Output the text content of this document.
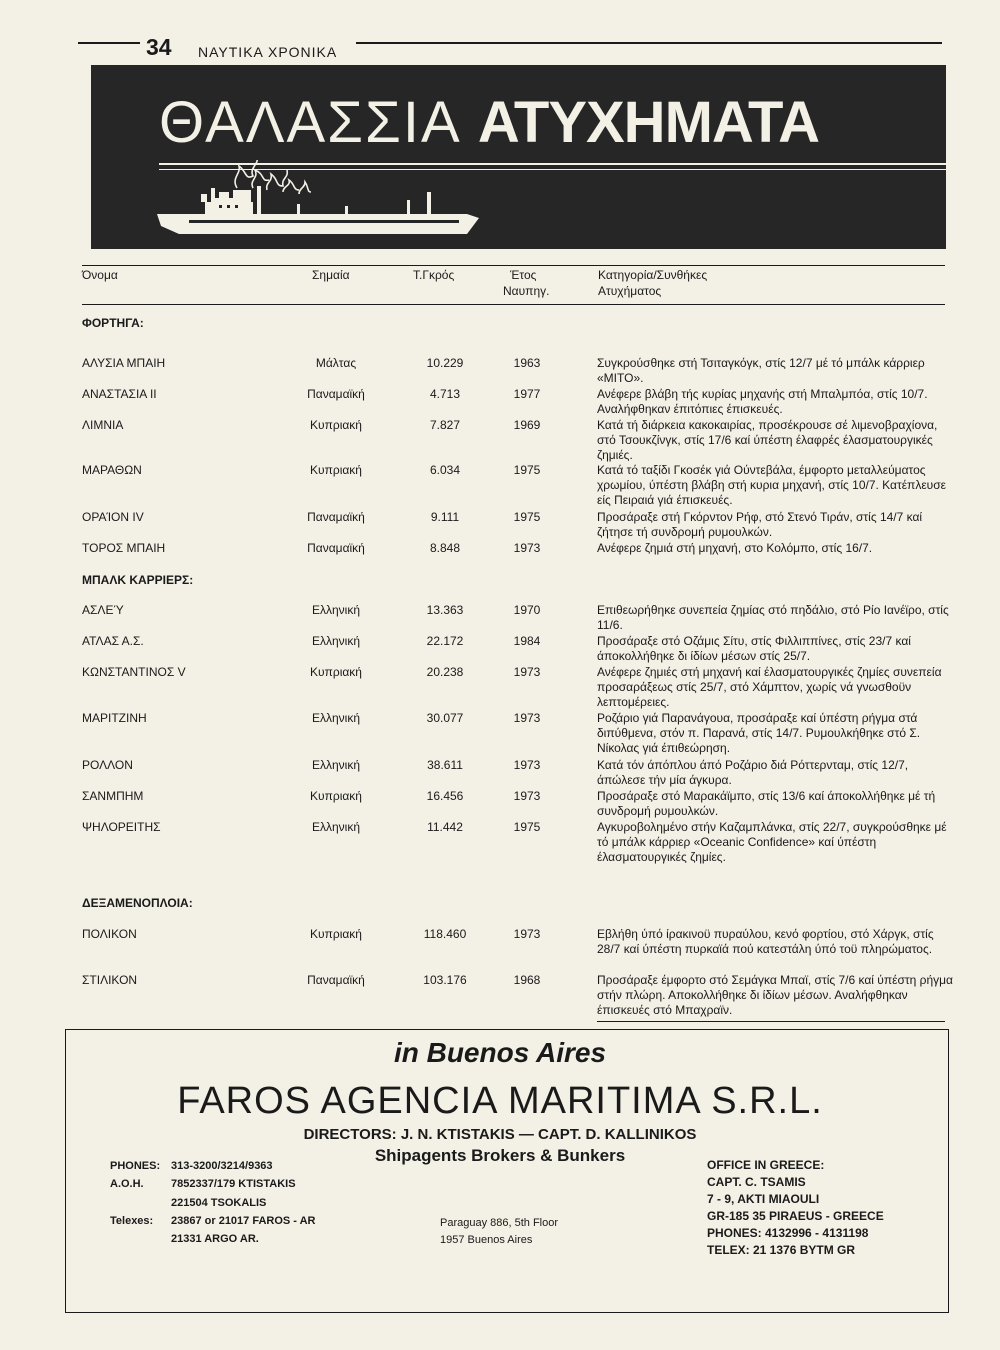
34 ΝΑΥΤΙΚΑ ΧΡΟΝΙΚΑ
ΘΑΛΑΣΣΙΑ ΑΤΥΧΗΜΑΤΑ
Όνομα	Σημαία	Τ.Γκρός	Έτος
Ναυπηγ.
Κατηγορία/Συνθήκες
Ατυχήματος
ΦΟΡΤΗΓΑ:
ΑΛΥΣΙΑ ΜΠΑΙΗ	Μάλτας	10.229	1963	Συγκρούσθηκε στή Τσιταγκόγκ, στίς 12/7 μέ τό μπάλκ κάρριερ «ΜΙΤΟ».
ΑΝΑΣΤΑΣΙΑ ΙΙ	Παναμαϊκή	4.713	1977	Ανέφερε βλάβη τής κυρίας μηχανής στή Μπαλμπόα, στίς 10/7. Αναλήφθηκαν έπιτόπιες έπισκευές.
ΛΙΜΝΙΑ	Κυπριακή	7.827	1969	Κατά τή διάρκεια κακοκαιρίας, προσέκρουσε σέ λιμενοβραχίονα, στό Τσουκζίνγκ, στίς 17/6 καί ύπέστη έλαφρές έλασματουργικές ζημιές.
ΜΑΡΑΘΩΝ	Κυπριακή	6.034	1975	Κατά τό ταξίδι Γκοσέκ γιά Ούντεβάλα, έμφορτο μεταλλεύματος χρωμίου, ύπέστη βλάβη στή κυρια μηχανή, στίς 10/7. Κατέπλευσε είς Πειραιά γιά έπισκευές.
ΟΡΑΊΟΝ IV	Παναμαϊκή	9.111	1975	Προσάραξε στή Γκόρντον Ρήφ, στό Στενό Τιράν, στίς 14/7 καί ζήτησε τή συνδρομή ρυμουλκών.
ΤΟΡΟΣ ΜΠΑΙΗ	Παναμαϊκή	8.848	1973	Ανέφερε ζημιά στή μηχανή, στο Κολόμπο, στίς 16/7.
ΜΠΑΛΚ ΚΑΡΡΙΕΡΣ:
ΑΣΛΕΎ	Ελληνική	13.363	1970	Επιθεωρήθηκε συνεπεία ζημίας στό πηδάλιο, στό Ρίο Ιανέϊρο, στίς 11/6.
ΑΤΛΑΣ Α.Σ.	Ελληνική	22.172	1984	Προσάραξε στό Οζάμις Σίτυ, στίς Φιλλιππίνες, στίς 23/7 καί άποκολλήθηκε δι ίδίων μέσων στίς 25/7.
ΚΩΝΣΤΑΝΤΙΝΟΣ V	Κυπριακή	20.238	1973	Ανέφερε ζημιές στή μηχανή καί έλασματουργικές ζημίες συνεπεία προσαράξεως στίς 25/7, στό Χάμπτον, χωρίς νά γνωσθοϋν λεπτομέρειες.
ΜΑΡΙΤΖΙΝΗ	Ελληνική	30.077	1973	Ροζάριο γιά Παρανάγουα, προσάραξε καί ύπέστη ρήγμα στά διπύθμενα, στόν π. Παρανά, στίς 14/7. Ρυμουλκήθηκε στό Σ. Νίκολας γιά έπιθεώρηση.
ΡΟΛΛΟΝ	Ελληνική	38.611	1973	Κατά τόν άπόπλου άπό Ροζάριο διά Ρόττερνταμ, στίς 12/7, άπώλεσε τήν μία άγκυρα.
ΣΑΝΜΠΗΜ	Κυπριακή	16.456	1973	Προσάραξε στό Μαρακάϊμπο, στίς 13/6 καί άποκολλήθηκε μέ τή συνδρομή ρυμουλκών.
ΨΗΛΟΡΕΙΤΗΣ	Ελληνική	11.442	1975	Αγκυροβολημένο στήν Καζαμπλάνκα, στίς 22/7, συγκρούσθηκε μέ τό μπάλκ κάρριερ «Oceanic Confidence» καί ύπέστη έλασματουργικές ζημίες.
ΔΕΞΑΜΕΝΟΠΛΟΙΑ:
ΠΟΛΙΚΟΝ	Κυπριακή	118.460	1973	Εβλήθη ύπό ίρακινοϋ πυραύλου, κενό φορτίου, στό Χάργκ, στίς 28/7 καί ύπέστη πυρκαϊά πού κατεστάλη ύπό τοϋ πληρώματος.
ΣΤΙΛΙΚΟΝ	Παναμαϊκή	103.176	1968	Προσάραξε έμφορτο στό Σεμάγκα Μπαϊ, στίς 7/6 καί ύπέστη ρήγμα στήν πλώρη. Αποκολλήθηκε δι ίδίων μέσων. Αναλήφθηκαν έπισκευές στό Μπαχραϊν.
in Buenos Aires
FAROS AGENCIA MARITIMA S.R.L.
DIRECTORS: J. N. KTISTAKIS — CAPT. D. KALLINIKOS
Shipagents Brokers & Bunkers
PHONES: 313-3200/3214/9363
A.O.H. 7852337/179 KTISTAKIS
221504 TSOKALIS
Telexes: 23867 or 21017 FAROS - AR
21331 ARGO AR.
Paraguay 886, 5th Floor
1957 Buenos Aires
OFFICE IN GREECE:
CAPT. C. TSAMIS
7 - 9, AKTI MIAOULI
GR-185 35 PIRAEUS - GREECE
PHONES: 4132996 - 4131198
TELEX: 21 1376 BYTM GR
